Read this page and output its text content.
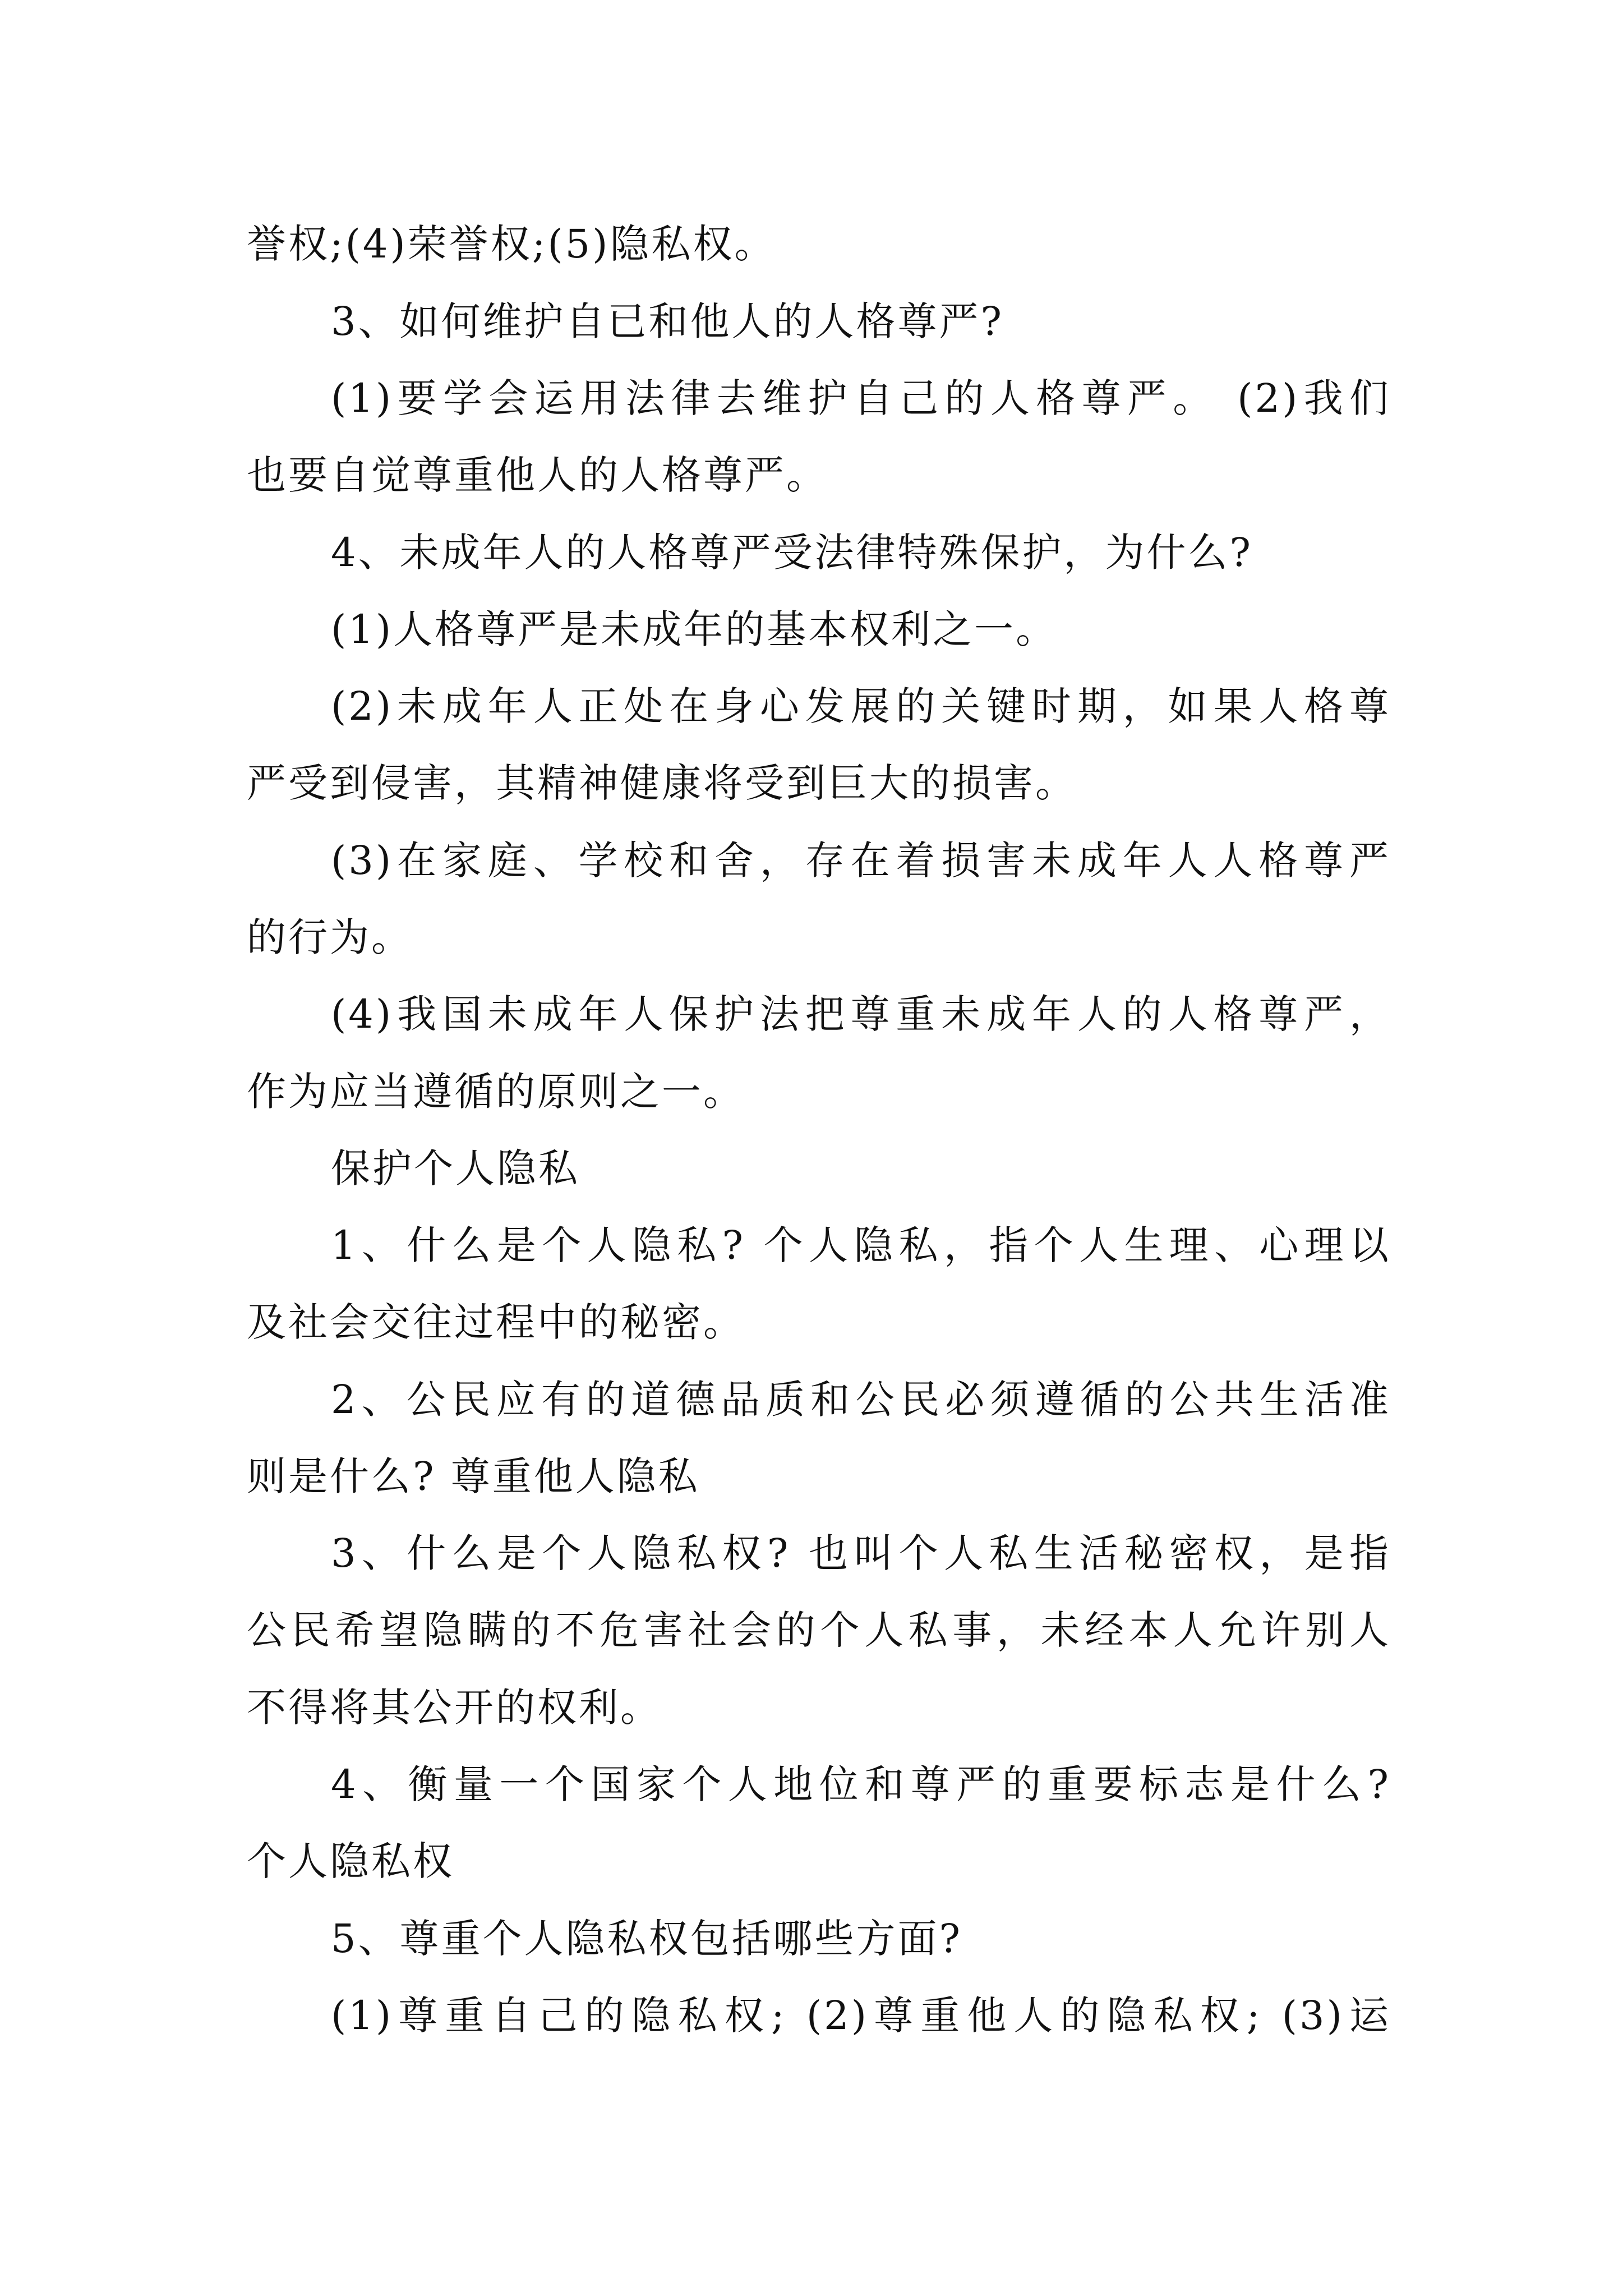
誉权;(4)荣誉权;(5)隐私权。
3、如何维护自已和他人的人格尊严?
(1)要学会运用法律去维护自己的人格尊严。 (2)我们
也要自觉尊重他人的人格尊严。
4、未成年人的人格尊严受法律特殊保护，为什么?
(1)人格尊严是未成年的基本权利之一。
(2)未成年人正处在身心发展的关键时期，如果人格尊
严受到侵害，其精神健康将受到巨大的损害。
(3)在家庭、学校和舍，存在着损害未成年人人格尊严
的行为。
(4)我国未成年人保护法把尊重未成年人的人格尊严，
作为应当遵循的原则之一。
保护个人隐私
1、什么是个人隐私? 个人隐私，指个人生理、心理以
及社会交往过程中的秘密。
2、公民应有的道德品质和公民必须遵循的公共生活准
则是什么? 尊重他人隐私
3、什么是个人隐私权? 也叫个人私生活秘密权，是指
公民希望隐瞒的不危害社会的个人私事，未经本人允许别人
不得将其公开的权利。
4、衡量一个国家个人地位和尊严的重要标志是什么?
个人隐私权
5、尊重个人隐私权包括哪些方面?
(1)尊重自己的隐私权; (2)尊重他人的隐私权; (3)运
